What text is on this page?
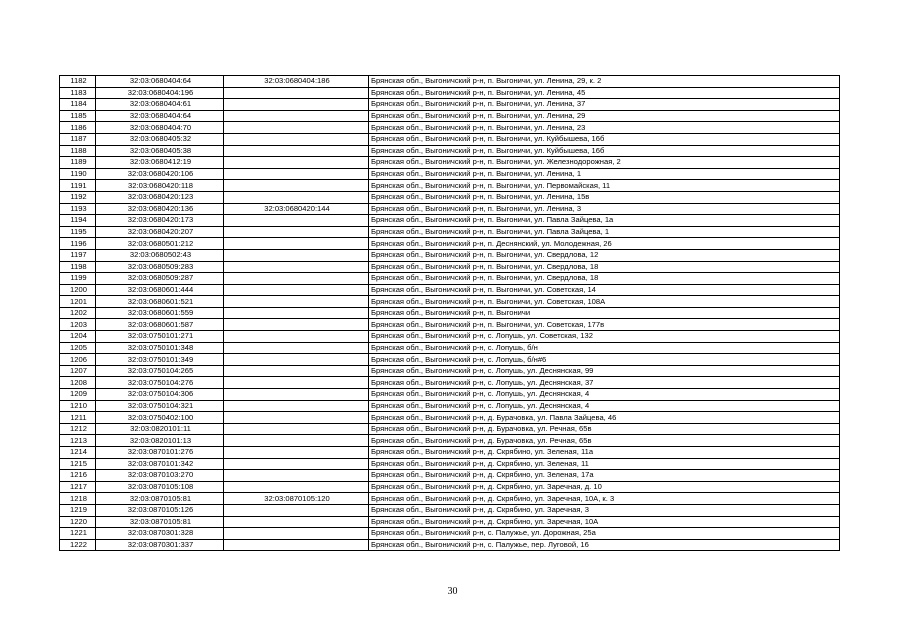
1182	32:03:0680404:64	32:03:0680404:186	Брянская обл., Выгоничский р-н, п. Выгоничи, ул. Ленина, 29, к. 2
1183	32:03:0680404:196		Брянская обл., Выгоничский р-н, п. Выгоничи, ул. Ленина, 45
1184	32:03:0680404:61		Брянская обл., Выгоничский р-н, п. Выгоничи, ул. Ленина, 37
1185	32:03:0680404:64		Брянская обл., Выгоничский р-н, п. Выгоничи, ул. Ленина, 29
1186	32:03:0680404:70		Брянская обл., Выгоничский р-н, п. Выгоничи, ул. Ленина, 23
1187	32:03:0680405:32		Брянская обл., Выгоничский р-н, п. Выгоничи, ул. Куйбышева, 16б
1188	32:03:0680405:38		Брянская обл., Выгоничский р-н, п. Выгоничи, ул. Куйбышева, 16б
1189	32:03:0680412:19		Брянская обл., Выгоничский р-н, п. Выгоничи, ул. Железнодорожная, 2
1190	32:03:0680420:106		Брянская обл., Выгоничский р-н, п. Выгоничи, ул. Ленина, 1
1191	32:03:0680420:118		Брянская обл., Выгоничский р-н, п. Выгоничи, ул. Первомайская, 11
1192	32:03:0680420:123		Брянская обл., Выгоничский р-н, п. Выгоничи, ул. Ленина, 15в
1193	32:03:0680420:136	32:03:0680420:144	Брянская обл., Выгоничский р-н, п. Выгоничи, ул. Ленина, 3
1194	32:03:0680420:173		Брянская обл., Выгоничский р-н, п. Выгоничи, ул. Павла Зайцева, 1а
1195	32:03:0680420:207		Брянская обл., Выгоничский р-н, п. Выгоничи, ул. Павла Зайцева, 1
1196	32:03:0680501:212		Брянская обл., Выгоничский р-н, п. Деснянский, ул. Молодежная, 26
1197	32:03:0680502:43		Брянская обл., Выгоничский р-н, п. Выгоничи, ул. Свердлова, 12
1198	32:03:0680509:283		Брянская обл., Выгоничский р-н, п. Выгоничи, ул. Свердлова, 18
1199	32:03:0680509:287		Брянская обл., Выгоничский р-н, п. Выгоничи, ул. Свердлова, 18
1200	32:03:0680601:444		Брянская обл., Выгоничский р-н, п. Выгоничи, ул. Советская, 14
1201	32:03:0680601:521		Брянская обл., Выгоничский р-н, п. Выгоничи, ул. Советская, 108А
1202	32:03:0680601:559		Брянская обл., Выгоничский р-н, п. Выгоничи
1203	32:03:0680601:587		Брянская обл., Выгоничский р-н, п. Выгоничи, ул. Советская, 177в
1204	32:03:0750101:271		Брянская обл., Выгоничский р-н, с. Лопушь, ул. Советская, 132
1205	32:03:0750101:348		Брянская обл., Выгоничский р-н, с. Лопушь, б/н
1206	32:03:0750101:349		Брянская обл., Выгоничский р-н, с. Лопушь, б/н#6
1207	32:03:0750104:265		Брянская обл., Выгоничский р-н, с. Лопушь, ул. Деснянская, 99
1208	32:03:0750104:276		Брянская обл., Выгоничский р-н, с. Лопушь, ул. Деснянская, 37
1209	32:03:0750104:306		Брянская обл., Выгоничский р-н, с. Лопушь, ул. Деснянская, 4
1210	32:03:0750104:321		Брянская обл., Выгоничский р-н, с. Лопушь, ул. Деснянская, 4
1211	32:03:0750402:100		Брянская обл., Выгоничский р-н, д. Бурачовка, ул. Павла Зайцева, 46
1212	32:03:0820101:11		Брянская обл., Выгоничский р-н, д. Бурачовка, ул. Речная, 65в
1213	32:03:0820101:13		Брянская обл., Выгоничский р-н, д. Бурачовка, ул. Речная, 65в
1214	32:03:0870101:276		Брянская обл., Выгоничский р-н, д. Скрябино, ул. Зеленая, 11а
1215	32:03:0870101:342		Брянская обл., Выгоничский р-н, д. Скрябино, ул. Зеленая, 11
1216	32:03:0870103:270		Брянская обл., Выгоничский р-н, д. Скрябино, ул. Зеленая, 17а
1217	32:03:0870105:108		Брянская обл., Выгоничский р-н, д. Скрябино, ул. Заречная, д. 10
1218	32:03:0870105:81	32:03:0870105:120	Брянская обл., Выгоничский р-н, д. Скрябино, ул. Заречная, 10А, к. 3
1219	32:03:0870105:126		Брянская обл., Выгоничский р-н, д. Скрябино, ул. Заречная, 3
1220	32:03:0870105:81		Брянская обл., Выгоничский р-н, д. Скрябино, ул. Заречная, 10А
1221	32:03:0870301:328		Брянская обл., Выгоничский р-н, с. Палужье, ул. Дорожная, 25а
1222	32:03:0870301:337		Брянская обл., Выгоничский р-н, с. Палужье, пер. Луговой, 16
30
